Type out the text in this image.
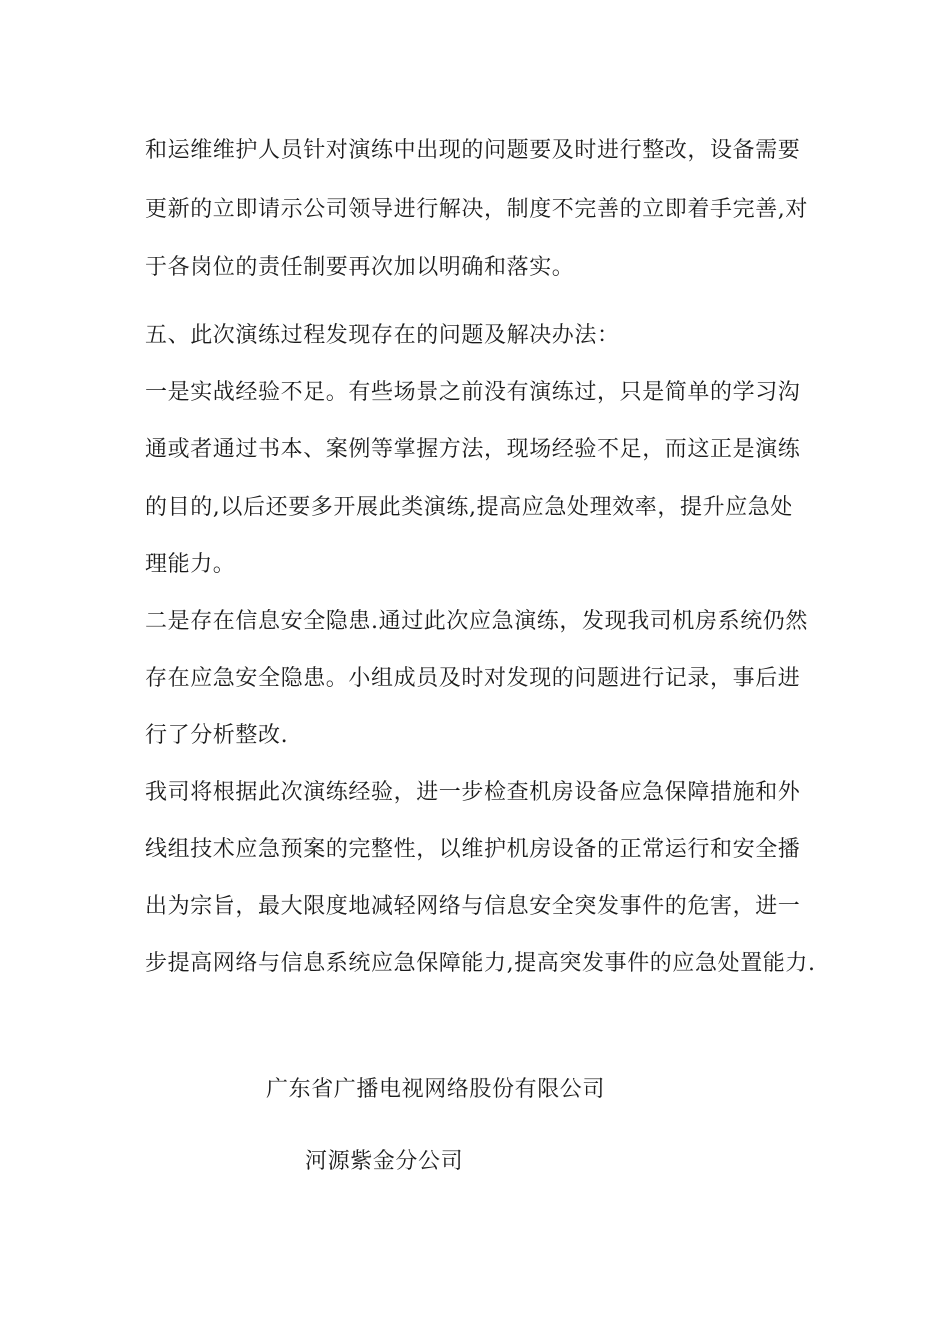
和运维维护人员针对演练中出现的问题要及时进行整改，设备需要
更新的立即请示公司领导进行解决，制度不完善的立即着手完善,对
于各岗位的责任制要再次加以明确和落实。
五、此次演练过程发现存在的问题及解决办法：
一是实战经验不足。有些场景之前没有演练过，只是简单的学习沟
通或者通过书本、案例等掌握方法，现场经验不足，而这正是演练
的目的,以后还要多开展此类演练,提高应急处理效率，提升应急处
理能力。
二是存在信息安全隐患.通过此次应急演练，发现我司机房系统仍然
存在应急安全隐患。小组成员及时对发现的问题进行记录，事后进
行了分析整改.
我司将根据此次演练经验，进一步检查机房设备应急保障措施和外
线组技术应急预案的完整性，以维护机房设备的正常运行和安全播
出为宗旨，最大限度地减轻网络与信息安全突发事件的危害，进一
步提高网络与信息系统应急保障能力,提高突发事件的应急处置能力.
广东省广播电视网络股份有限公司
河源紫金分公司
